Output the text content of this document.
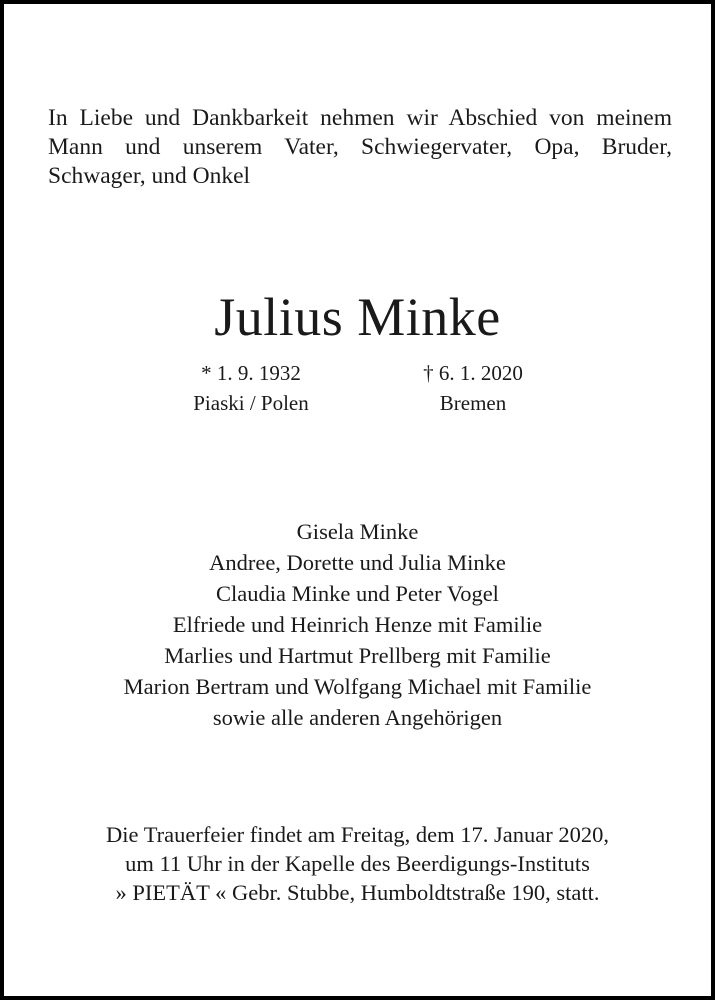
In Liebe und Dankbarkeit nehmen wir Abschied von meinem
Mann und unserem Vater, Schwiegervater, Opa, Bruder,
Schwager, und Onkel
Julius Minke
* 1. 9. 1932
Piaski / Polen
† 6. 1. 2020
Bremen
Gisela Minke
Andree, Dorette und Julia Minke
Claudia Minke und Peter Vogel
Elfriede und Heinrich Henze mit Familie
Marlies und Hartmut Prellberg mit Familie
Marion Bertram und Wolfgang Michael mit Familie
sowie alle anderen Angehörigen
Die Trauerfeier findet am Freitag, dem 17. Januar 2020,
um 11 Uhr in der Kapelle des Beerdigungs-Instituts
» PIETÄT « Gebr. Stubbe, Humboldtstraße 190, statt.
